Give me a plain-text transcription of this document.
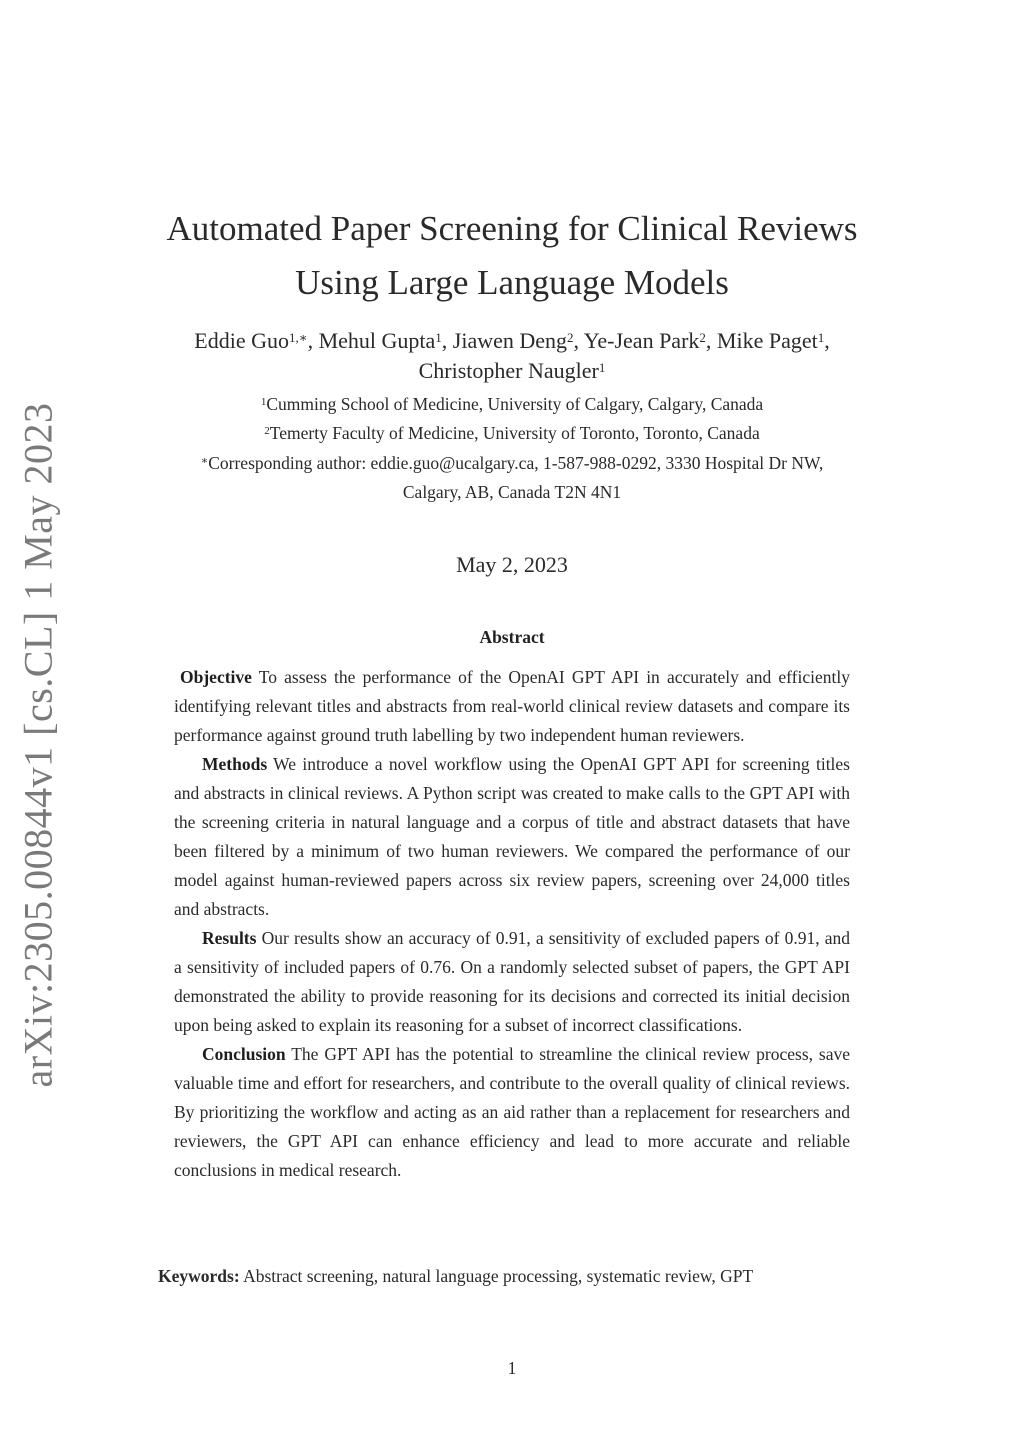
arXiv:2305.00844v1 [cs.CL] 1 May 2023
Automated Paper Screening for Clinical Reviews
Using Large Language Models
Eddie Guo$^{1,∗}$, Mehul Gupta$^1$, Jiawen Deng$^2$, Ye-Jean Park$^2$, Mike Paget$^1$,
Christopher Naugler$^1$
$^1$Cumming School of Medicine, University of Calgary, Calgary, Canada
$^2$Temerty Faculty of Medicine, University of Toronto, Toronto, Canada
∗Corresponding author: eddie.guo@ucalgary.ca, 1-587-988-0292, 3330 Hospital Dr NW,
Calgary, AB, Canada T2N 4N1
May 2, 2023
Abstract

Objective To assess the performance of the OpenAI GPT API in accurately and efficiently identifying relevant titles and abstracts from real-world clinical review datasets and compare its performance against ground truth labelling by two independent human reviewers.

Methods We introduce a novel workflow using the OpenAI GPT API for screening titles and abstracts in clinical reviews. A Python script was created to make calls to the GPT API with the screening criteria in natural language and a corpus of title and abstract datasets that have been filtered by a minimum of two human reviewers. We compared the performance of our model against human-reviewed papers across six review papers, screening over 24,000 titles and abstracts.

Results Our results show an accuracy of 0.91, a sensitivity of excluded papers of 0.91, and a sensitivity of included papers of 0.76. On a randomly selected subset of papers, the GPT API demonstrated the ability to provide reasoning for its decisions and corrected its initial decision upon being asked to explain its reasoning for a subset of incorrect classifications.

Conclusion The GPT API has the potential to streamline the clinical review process, save valuable time and effort for researchers, and contribute to the overall quality of clinical reviews. By prioritizing the workflow and acting as an aid rather than a replacement for researchers and reviewers, the GPT API can enhance efficiency and lead to more accurate and reliable conclusions in medical research.

Keywords: Abstract screening, natural language processing, systematic review, GPT
1
